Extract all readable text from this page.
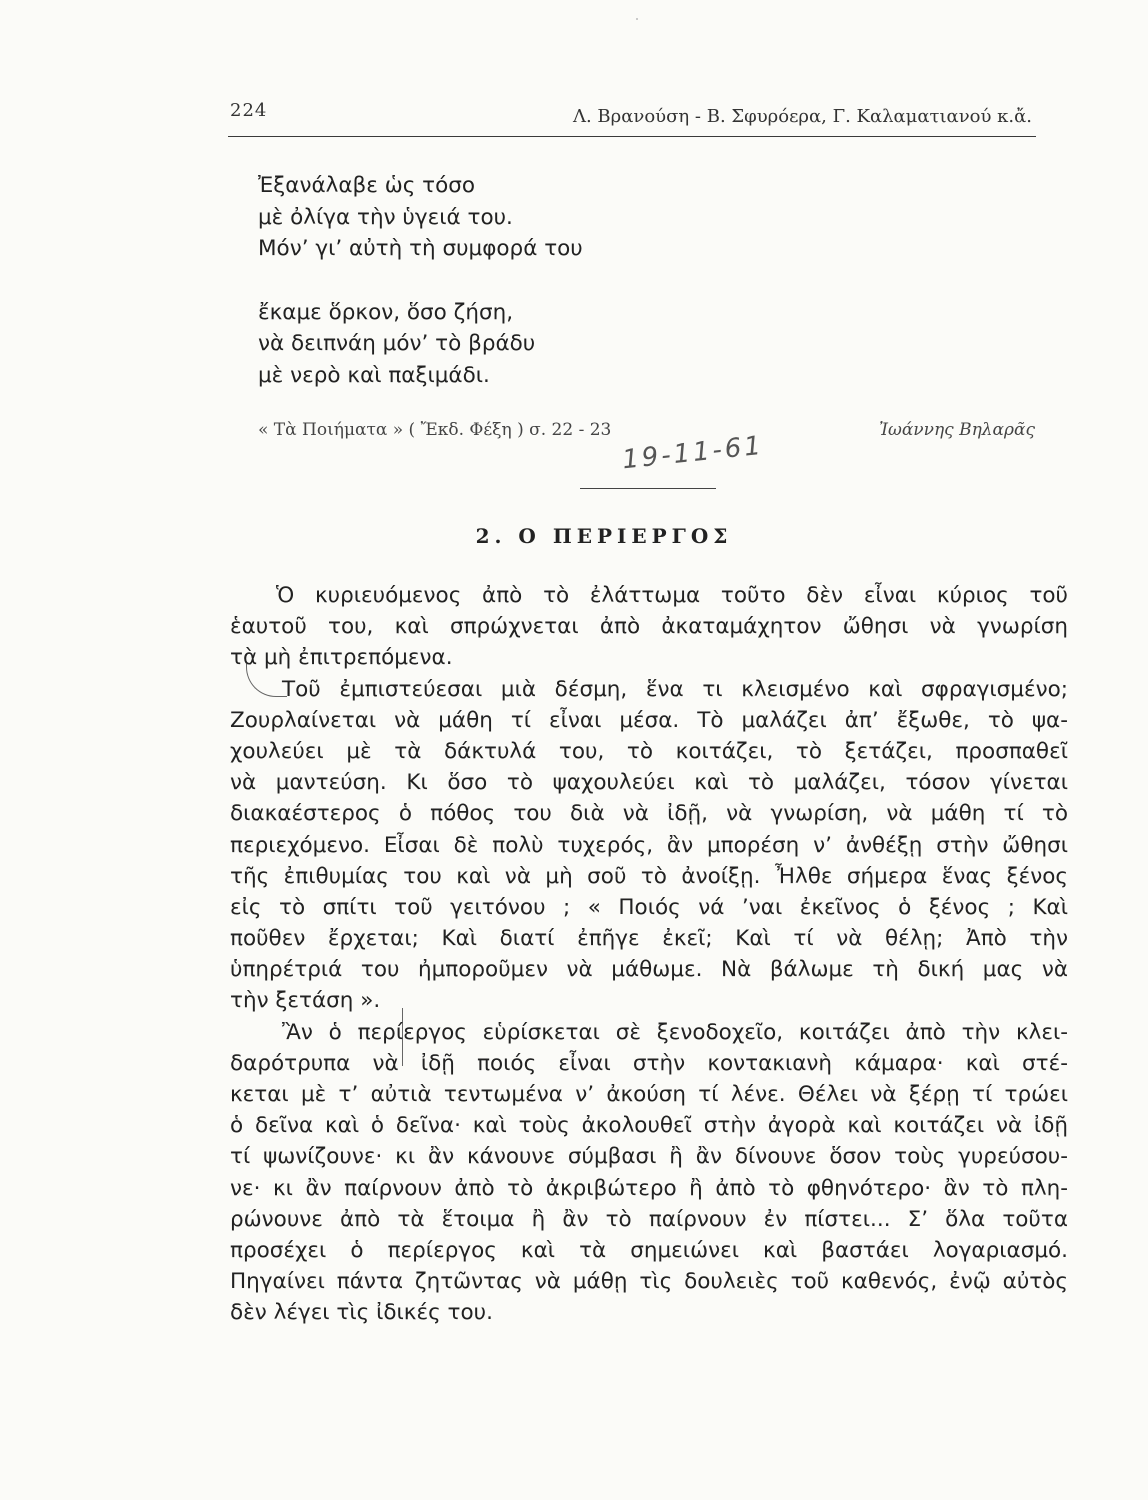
224	Λ. Βρανούση - Β. Σφυρόερα, Γ. Καλαματιανού κ.ἄ.
Ἐξανάλαβε ὡς τόσο
μὲ ὀλίγα τὴν ὑγειά του.
Μόν’ γι’ αὐτὴ τὴ συμφορά του
ἔκαμε ὅρκον, ὅσο ζήση,
νὰ δειπνάη μόν’ τὸ βράδυ
μὲ νερὸ καὶ παξιμάδι.
« Τὰ Ποιήματα » ( Ἔκδ. Φέξη ) σ. 22 - 23	Ἰωάννης Βηλαρᾶς
19-11-61
2. Ο ΠΕΡΙΕΡΓΟΣ
Ὁ κυριευόμενος ἀπὸ τὸ ἐλάττωμα τοῦτο δὲν εἶναι κύριος τοῦ
ἑαυτοῦ του, καὶ σπρώχνεται ἀπὸ ἀκαταμάχητον ὤθησι νὰ γνωρίση
τὰ μὴ ἐπιτρεπόμενα.
Τοῦ ἐμπιστεύεσαι μιὰ δέσμη, ἕνα τι κλεισμένο καὶ σφραγισμένο;
Ζουρλαίνεται νὰ μάθη τί εἶναι μέσα. Τὸ μαλάζει ἀπ’ ἔξωθε, τὸ ψα-
χουλεύει μὲ τὰ δάκτυλά του, τὸ κοιτάζει, τὸ ξετάζει, προσπαθεῖ
νὰ μαντεύση. Κι ὅσο τὸ ψαχουλεύει καὶ τὸ μαλάζει, τόσον γίνεται
διακαέστερος ὁ πόθος του διὰ νὰ ἰδῇ, νὰ γνωρίση, νὰ μάθη τί τὸ
περιεχόμενο. Εἶσαι δὲ πολὺ τυχερός, ἂν μπορέση ν’ ἀνθέξῃ στὴν ὤθησι
τῆς ἐπιθυμίας του καὶ νὰ μὴ σοῦ τὸ ἀνοίξῃ. Ἦλθε σήμερα ἕνας ξένος
εἰς τὸ σπίτι τοῦ γειτόνου ; « Ποιός νά ’ναι ἐκεῖνος ὁ ξένος ; Καὶ
ποῦθεν ἔρχεται; Καὶ διατί ἐπῆγε ἐκεῖ; Καὶ τί νὰ θέλῃ; Ἀπὸ τὴν
ὑπηρέτριά του ἠμποροῦμεν νὰ μάθωμε. Νὰ βάλωμε τὴ δική μας νὰ
τὴν ξετάση ».
Ἂν ὁ περίεργος εὑρίσκεται σὲ ξενοδοχεῖο, κοιτάζει ἀπὸ τὴν κλει-
δαρότρυπα νὰ ἰδῇ ποιός εἶναι στὴν κοντακιανὴ κάμαρα· καὶ στέ-
κεται μὲ τ’ αὐτιὰ τεντωμένα ν’ ἀκούση τί λένε. Θέλει νὰ ξέρῃ τί τρώει
ὁ δεῖνα καὶ ὁ δεῖνα· καὶ τοὺς ἀκολουθεῖ στὴν ἀγορὰ καὶ κοιτάζει νὰ ἰδῇ
τί ψωνίζουνε· κι ἂν κάνουνε σύμβασι ἢ ἂν δίνουνε ὅσον τοὺς γυρεύσου-
νε· κι ἂν παίρνουν ἀπὸ τὸ ἀκριβώτερο ἢ ἀπὸ τὸ φθηνότερο· ἂν τὸ πλη-
ρώνουνε ἀπὸ τὰ ἕτοιμα ἢ ἂν τὸ παίρνουν ἐν πίστει... Σ’ ὅλα τοῦτα
προσέχει ὁ περίεργος καὶ τὰ σημειώνει καὶ βαστάει λογαριασμό.
Πηγαίνει πάντα ζητῶντας νὰ μάθῃ τὶς δουλειὲς τοῦ καθενός, ἐνῷ αὐτὸς
δὲν λέγει τὶς ἰδικές του.
